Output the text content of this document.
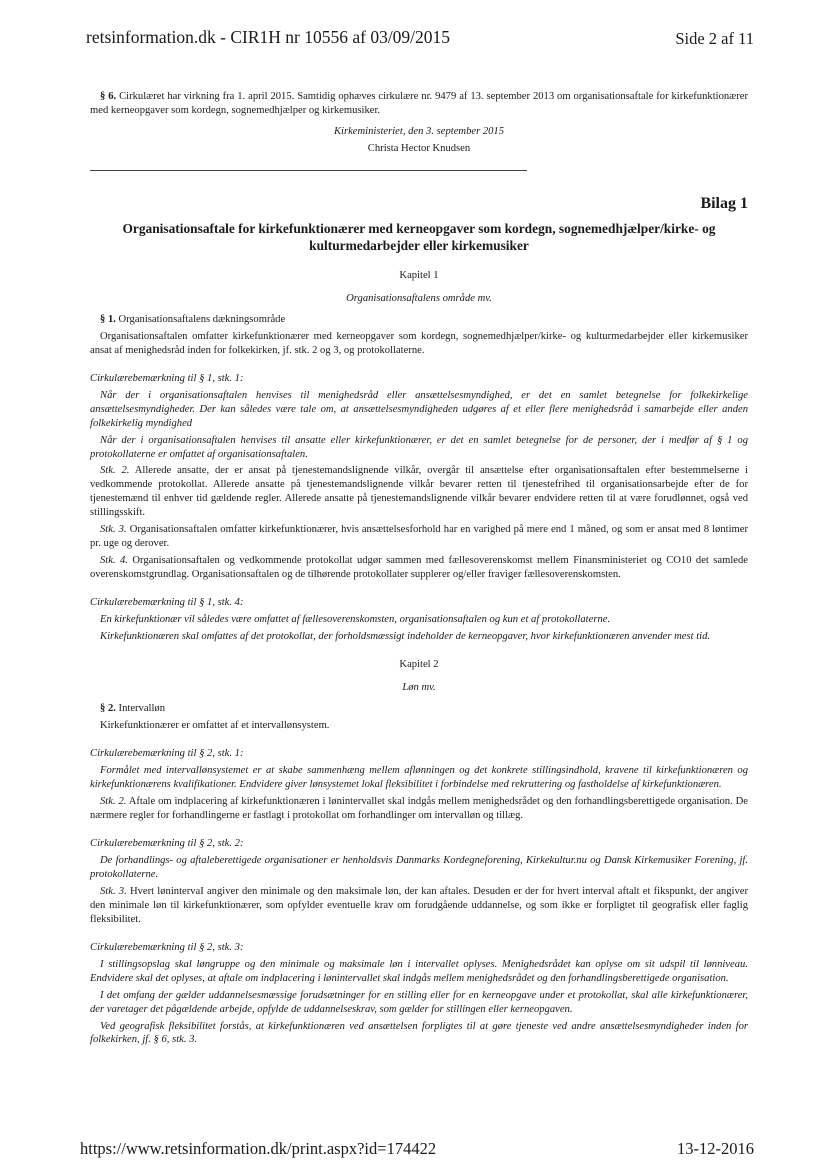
retsinformation.dk - CIR1H nr 10556 af 03/09/2015	Side 2 af 11

§ 6. Cirkulæret har virkning fra 1. april 2015. Samtidig ophæves cirkulære nr. 9479 af 13. september 2013 om organisationsaftale for kirkefunktionærer med kerneopgaver som kordegn, sognemedhjælper og kirkemusiker.

Kirkeministeriet, den 3. september 2015

Christa Hector Knudsen

Bilag 1

Organisationsaftale for kirkefunktionærer med kerneopgaver som kordegn, sognemedhjælper/kirke- og kulturmedarbejder eller kirkemusiker

Kapitel 1

Organisationsaftalens område mv.

§ 1. Organisationsaftalens dækningsområde

Organisationsaftalen omfatter kirkefunktionærer med kerneopgaver som kordegn, sognemedhjælper/kirke- og kulturmedarbejder eller kirkemusiker ansat af menighedsråd inden for folkekirken, jf. stk. 2 og 3, og protokollaterne.

Cirkulærebemærkning til § 1, stk. 1:

Når der i organisationsaftalen henvises til menighedsråd eller ansættelsesmyndighed, er det en samlet betegnelse for folkekirkelige ansættelsesmyndigheder. Der kan således være tale om, at ansættelsesmyndigheden udgøres af et eller flere menighedsråd i samarbejde eller anden folkekirkelig myndighed

Når der i organisationsaftalen henvises til ansatte eller kirkefunktionærer, er det en samlet betegnelse for de personer, der i medfør af § 1 og protokollaterne er omfattet af organisationsaftalen.

Stk. 2. Allerede ansatte, der er ansat på tjenestemandslignende vilkår, overgår til ansættelse efter organisationsaftalen efter bestemmelserne i vedkommende protokollat. Allerede ansatte på tjenestemandslignende vilkår bevarer retten til tjenestefrihed til organisationsarbejde efter de for tjenestemænd til enhver tid gældende regler. Allerede ansatte på tjenestemandslignende vilkår bevarer endvidere retten til at være forudlønnet, også ved stillingsskift.

Stk. 3. Organisationsaftalen omfatter kirkefunktionærer, hvis ansættelsesforhold har en varighed på mere end 1 måned, og som er ansat med 8 løntimer pr. uge og derover.

Stk. 4. Organisationsaftalen og vedkommende protokollat udgør sammen med fællesoverenskomst mellem Finansministeriet og CO10 det samlede overenskomstgrundlag. Organisationsaftalen og de tilhørende protokollater supplerer og/eller fraviger fællesoverenskomsten.

Cirkulærebemærkning til § 1, stk. 4:

En kirkefunktionær vil således være omfattet af fællesoverenskomsten, organisationsaftalen og kun et af protokollaterne.

Kirkefunktionæren skal omfattes af det protokollat, der forholdsmæssigt indeholder de kerneopgaver, hvor kirkefunktionæren anvender mest tid.

Kapitel 2

Løn mv.

§ 2. Intervalløn

Kirkefunktionærer er omfattet af et intervallønsystem.

Cirkulærebemærkning til § 2, stk. 1:

Formålet med intervallønsystemet er at skabe sammenhæng mellem aflønningen og det konkrete stillingsindhold, kravene til kirkefunktionæren og kirkefunktionærens kvalifikationer. Endvidere giver lønsystemet lokal fleksibilitet i forbindelse med rekruttering og fastholdelse af kirkefunktionæren.

Stk. 2. Aftale om indplacering af kirkefunktionæren i lønintervallet skal indgås mellem menighedsrådet og den forhandlingsberettigede organisation. De nærmere regler for forhandlingerne er fastlagt i protokollat om forhandlinger om intervalløn og tillæg.

Cirkulærebemærkning til § 2, stk. 2:

De forhandlings- og aftaleberettigede organisationer er henholdsvis Danmarks Kordegneforening, Kirkekultur.nu og Dansk Kirkemusiker Forening, jf. protokollaterne.

Stk. 3. Hvert lønintervaI angiver den minimale og den maksimale løn, der kan aftales. Desuden er der for hvert interval aftalt et fikspunkt, der angiver den minimale løn til kirkefunktionærer, som opfylder eventuelle krav om forudgående uddannelse, og som ikke er forpligtet til geografisk eller faglig fleksibilitet.

Cirkulærebemærkning til § 2, stk. 3:

I stillingsopslag skal løngruppe og den minimale og maksimale løn i intervallet oplyses. Menighedsrådet kan oplyse om sit udspil til lønniveau. Endvidere skal det oplyses, at aftale om indplacering i lønintervallet skal indgås mellem menighedsrådet og den forhandlingsberettigede organisation.

I det omfang der gælder uddannelsesmæssige forudsætninger for en stilling eller for en kerneopgave under et protokollat, skal alle kirkefunktionærer, der varetager det pågældende arbejde, opfylde de uddannelseskrav, som gælder for stillingen eller kerneopgaven.

Ved geografisk fleksibilitet forstås, at kirkefunktionæren ved ansættelsen forpligtes til at gøre tjeneste ved andre ansættelsesmyndigheder inden for folkekirken, jf. § 6, stk. 3.

https://www.retsinformation.dk/print.aspx?id=174422	13-12-2016
